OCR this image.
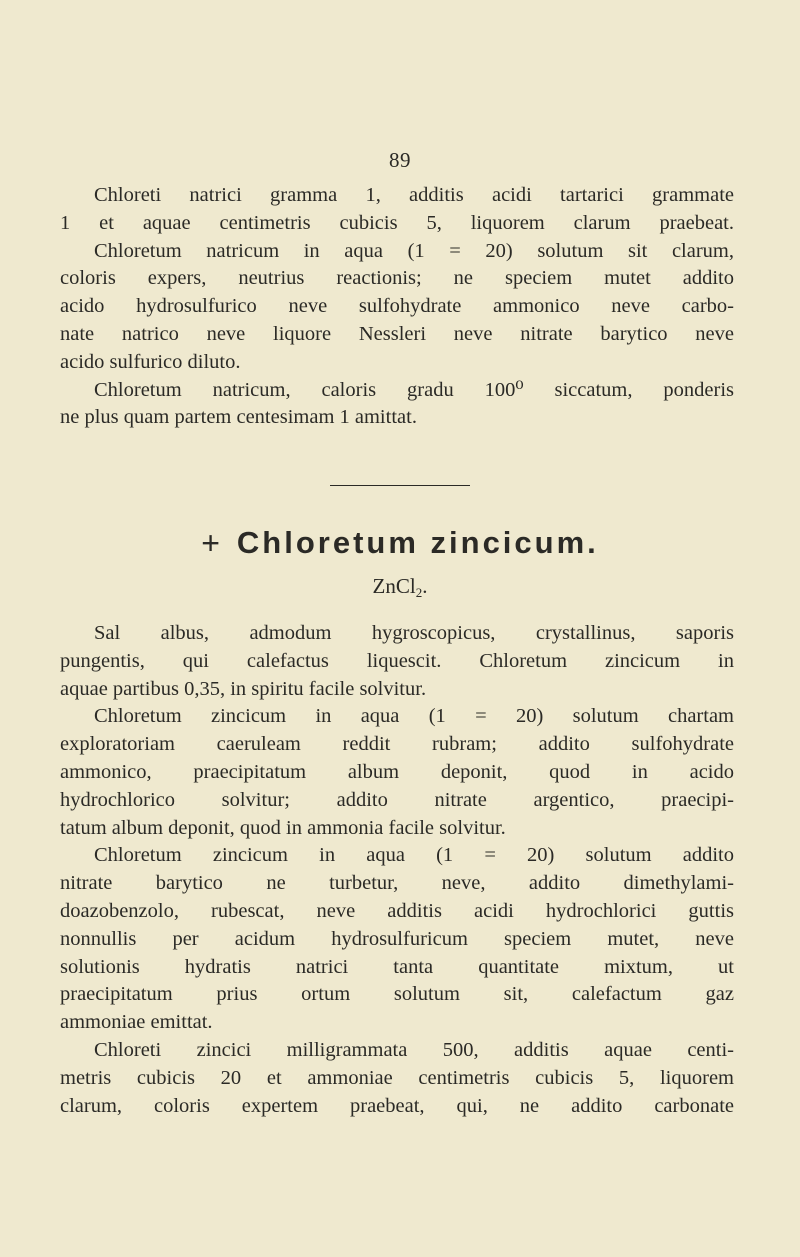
89
Chloreti natrici gramma 1, additis acidi tartarici grammate
1 et aquae centimetris cubicis 5, liquorem clarum praebeat.
Chloretum natricum in aqua (1 = 20) solutum sit clarum,
coloris expers, neutrius reactionis; ne speciem mutet addito
acido hydrosulfurico neve sulfohydrate ammonico neve carbo-
nate natrico neve liquore Nessleri neve nitrate barytico neve
acido sulfurico diluto.
Chloretum natricum, caloris gradu 100⁰ siccatum, ponderis
ne plus quam partem centesimam 1 amittat.
+ Chloretum zincicum.
ZnCl$_2$.
Sal albus, admodum hygroscopicus, crystallinus, saporis
pungentis, qui calefactus liquescit. Chloretum zincicum in
aquae partibus 0,35, in spiritu facile solvitur.
Chloretum zincicum in aqua (1 = 20) solutum chartam
exploratoriam caeruleam reddit rubram; addito sulfohydrate
ammonico, praecipitatum album deponit, quod in acido
hydrochlorico solvitur; addito nitrate argentico, praecipi-
tatum album deponit, quod in ammonia facile solvitur.
Chloretum zincicum in aqua (1 = 20) solutum addito
nitrate barytico ne turbetur, neve, addito dimethylami-
doazobenzolo, rubescat, neve additis acidi hydrochlorici guttis
nonnullis per acidum hydrosulfuricum speciem mutet, neve
solutionis hydratis natrici tanta quantitate mixtum, ut
praecipitatum prius ortum solutum sit, calefactum gaz
ammoniae emittat.
Chloreti zincici milligrammata 500, additis aquae centi-
metris cubicis 20 et ammoniae centimetris cubicis 5, liquorem
clarum, coloris expertem praebeat, qui, ne addito carbonate
